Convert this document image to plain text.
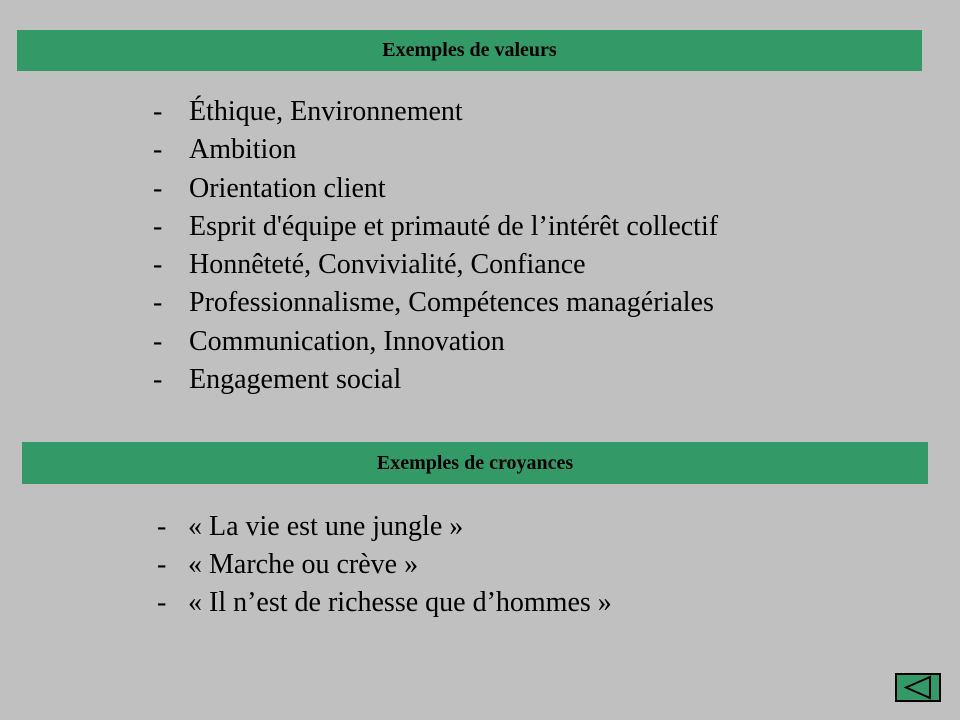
Exemples de valeurs
- Éthique, Environnement
- Ambition
- Orientation client
- Esprit d'équipe et primauté de l’intérêt collectif
- Honnêteté, Convivialité, Confiance
- Professionnalisme, Compétences managériales
- Communication, Innovation
- Engagement social
Exemples de croyances
- « La vie est une jungle »
- « Marche ou crève »
- « Il n’est de richesse que d’hommes »
